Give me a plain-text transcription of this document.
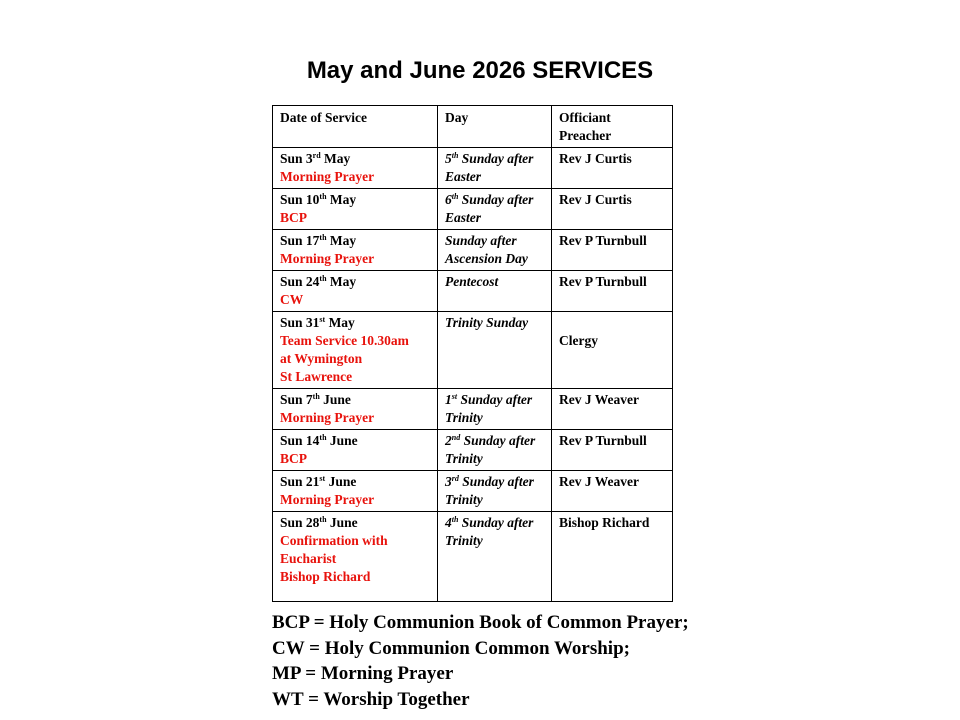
May and June 2026 SERVICES
Date of Service	Day	Officiant
Preacher

Sun 3rd May
Morning Prayer	5th Sunday after
Easter	Rev J Curtis

Sun 10th May
BCP	6th Sunday after
Easter	Rev J Curtis

Sun 17th May
Morning Prayer	Sunday after
Ascension Day	Rev P Turnbull

Sun 24th May
CW	Pentecost	Rev P Turnbull

Sun 31st May
Team Service 10.30am
at Wymington
St Lawrence	Trinity Sunday	Clergy

Sun 7th June
Morning Prayer	1st Sunday after
Trinity	Rev J Weaver

Sun 14th June
BCP	2nd Sunday after
Trinity	Rev P Turnbull

Sun 21st June
Morning Prayer	3rd Sunday after
Trinity	Rev J Weaver

Sun 28th June
Confirmation with
Eucharist
Bishop Richard	4th Sunday after
Trinity	Bishop Richard
BCP = Holy Communion Book of Common Prayer;
CW = Holy Communion Common Worship;
MP = Morning Prayer
WT = Worship Together
